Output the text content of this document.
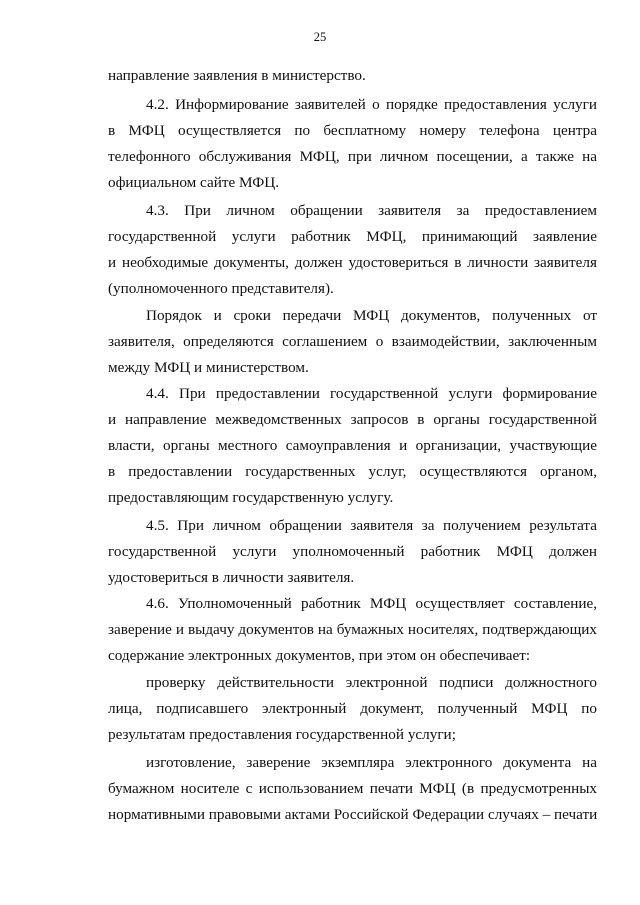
25
направление заявления в министерство.
4.2. Информирование заявителей о порядке предоставления услуги
в МФЦ осуществляется по бесплатному номеру телефона центра
телефонного обслуживания МФЦ, при личном посещении, а также на
официальном сайте МФЦ.
4.3. При личном обращении заявителя за предоставлением
государственной услуги работник МФЦ, принимающий заявление
и необходимые документы, должен удостовериться в личности заявителя
(уполномоченного представителя).
Порядок и сроки передачи МФЦ документов, полученных от
заявителя, определяются соглашением о взаимодействии, заключенным
между МФЦ и министерством.
4.4. При предоставлении государственной услуги формирование
и направление межведомственных запросов в органы государственной
власти, органы местного самоуправления и организации, участвующие
в предоставлении государственных услуг, осуществляются органом,
предоставляющим государственную услугу.
4.5. При личном обращении заявителя за получением результата
государственной услуги уполномоченный работник МФЦ должен
удостовериться в личности заявителя.
4.6. Уполномоченный работник МФЦ осуществляет составление,
заверение и выдачу документов на бумажных носителях, подтверждающих
содержание электронных документов, при этом он обеспечивает:
проверку действительности электронной подписи должностного
лица, подписавшего электронный документ, полученный МФЦ по
результатам предоставления государственной услуги;
изготовление, заверение экземпляра электронного документа на
бумажном носителе с использованием печати МФЦ (в предусмотренных
нормативными правовыми актами Российской Федерации случаях – печати
